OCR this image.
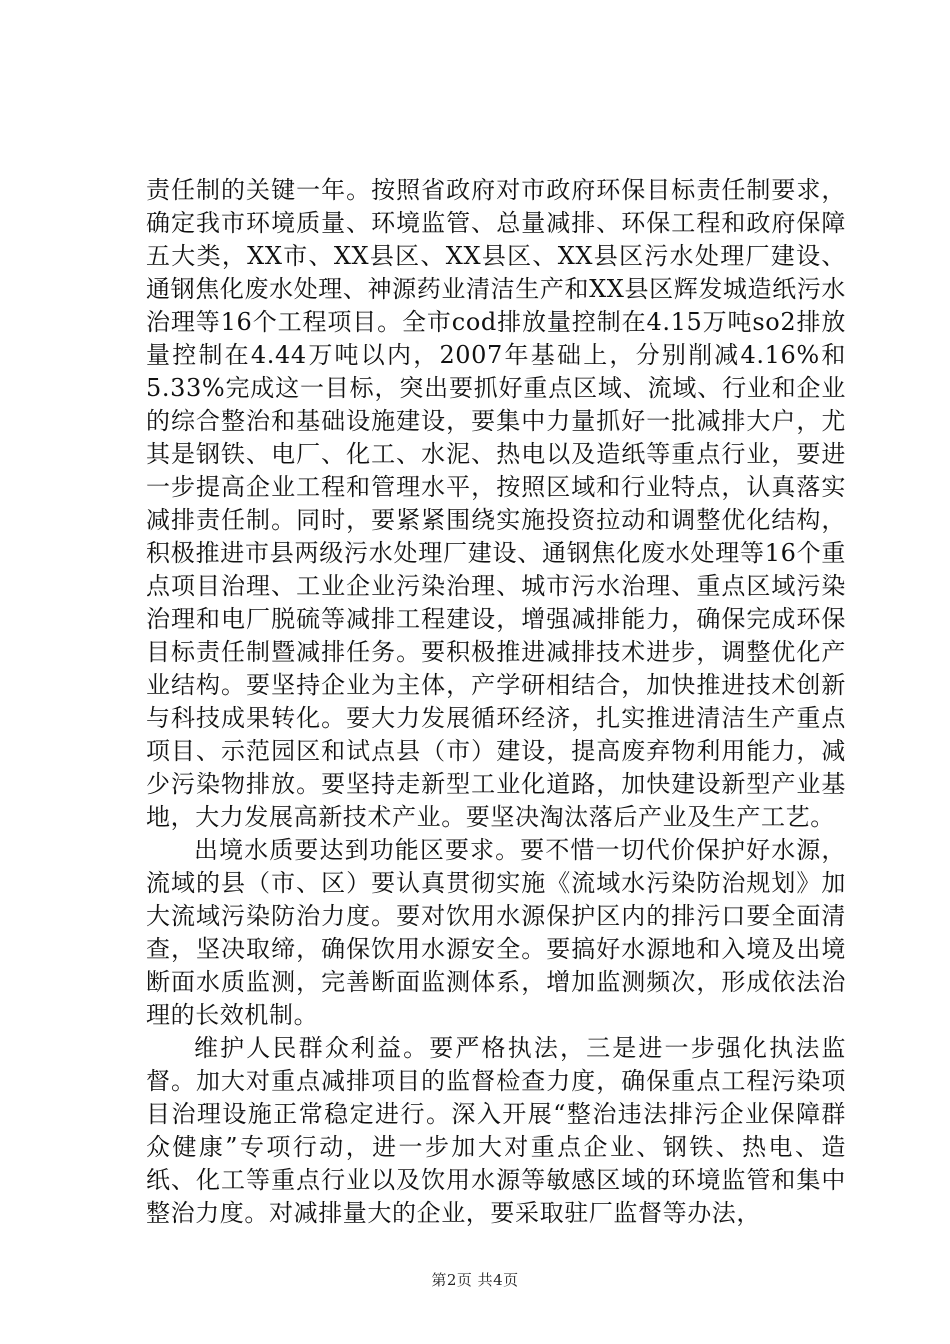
责任制的关键一年。按照省政府对市政府环保目标责任制要求，确定我市环境质量、环境监管、总量减排、环保工程和政府保障五大类，XX市、XX县区、XX县区、XX县区污水处理厂建设、通钢焦化废水处理、神源药业清洁生产和XX县区辉发城造纸污水治理等16个工程项目。全市cod排放量控制在4.15万吨so2排放量控制在4.44万吨以内，2007年基础上，分别削减4.16%和5.33%完成这一目标，突出要抓好重点区域、流域、行业和企业的综合整治和基础设施建设，要集中力量抓好一批减排大户，尤其是钢铁、电厂、化工、水泥、热电以及造纸等重点行业，要进一步提高企业工程和管理水平，按照区域和行业特点，认真落实减排责任制。同时，要紧紧围绕实施投资拉动和调整优化结构，积极推进市县两级污水处理厂建设、通钢焦化废水处理等16个重点项目治理、工业企业污染治理、城市污水治理、重点区域污染治理和电厂脱硫等减排工程建设，增强减排能力，确保完成环保目标责任制暨减排任务。要积极推进减排技术进步，调整优化产业结构。要坚持企业为主体，产学研相结合，加快推进技术创新与科技成果转化。要大力发展循环经济，扎实推进清洁生产重点项目、示范园区和试点县（市）建设，提高废弃物利用能力，减少污染物排放。要坚持走新型工业化道路，加快建设新型产业基地，大力发展高新技术产业。要坚决淘汰落后产业及生产工艺。

出境水质要达到功能区要求。要不惜一切代价保护好水源，流域的县（市、区）要认真贯彻实施《流域水污染防治规划》加大流域污染防治力度。要对饮用水源保护区内的排污口要全面清查，坚决取缔，确保饮用水源安全。要搞好水源地和入境及出境断面水质监测，完善断面监测体系，增加监测频次，形成依法治理的长效机制。

维护人民群众利益。要严格执法，三是进一步强化执法监督。加大对重点减排项目的监督检查力度，确保重点工程污染项目治理设施正常稳定进行。深入开展“整治违法排污企业保障群众健康”专项行动，进一步加大对重点企业、钢铁、热电、造纸、化工等重点行业以及饮用水源等敏感区域的环境监管和集中整治力度。对减排量大的企业，要采取驻厂监督等办法，

第2页 共4页
